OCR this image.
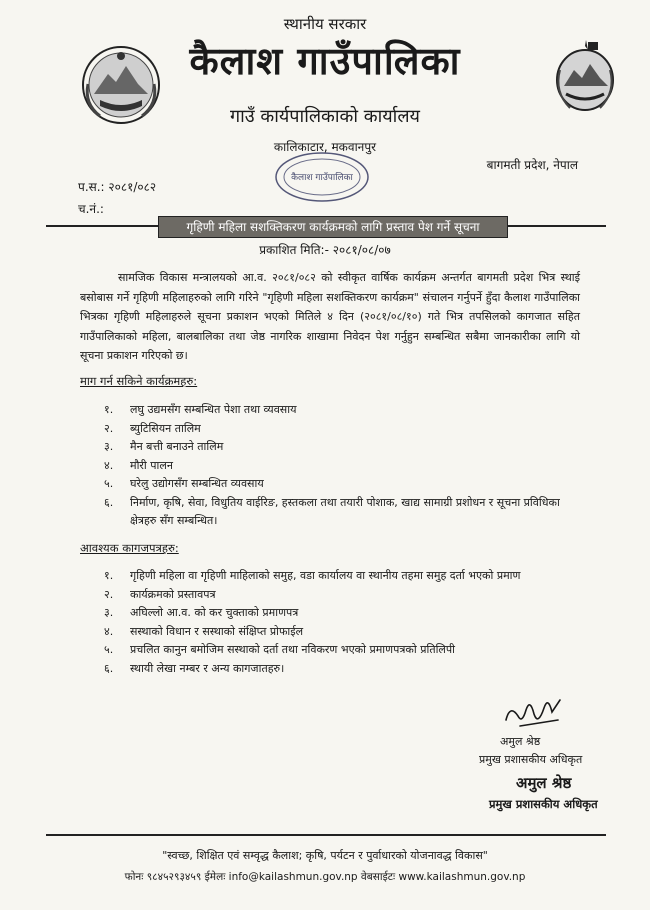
स्थानीय सरकार
कैलाश गाउँपालिका
गाउँ कार्यपालिकाको कार्यालय
कालिकाटार, मकवानपुर
बागमती प्रदेश, नेपाल
कैलाश गाउँपालिका
प.स.: २०८१/०८२
च.नं.:
गृहिणी महिला सशक्तिकरण कार्यक्रमको लागि प्रस्ताव पेश गर्ने सूचना
प्रकाशित मिति:- २०८१/०८/०७

सामजिक विकास मन्त्रालयको आ.व. २०८१/०८२ को स्वीकृत वार्षिक कार्यक्रम अन्तर्गत बागमती प्रदेश भित्र स्थाई बसोबास गर्ने गृहिणी महिलाहरुको लागि गरिने "गृहिणी महिला सशक्तिकरण कार्यक्रम" संचालन गर्नुपर्ने हुँदा कैलाश गाउँपालिका भित्रका गृहिणी महिलाहरुले सूचना प्रकाशन भएको मितिले ४ दिन (२०८१/०८/१०) गते भित्र तपसिलको कागजात सहित गाउँपालिकाको महिला, बालबालिका तथा जेष्ठ नागरिक शाखामा निवेदन पेश गर्नुहुन सम्बन्धित सबैमा जानकारीका लागि यो सूचना प्रकाशन गरिएको छ।

माग गर्न सकिने कार्यक्रमहरु:
१. लघु उद्यमसँग सम्बन्धित पेशा तथा व्यवसाय
२. ब्युटिसियन तालिम
३. मैन बत्ती बनाउने तालिम
४. मौरी पालन
५. घरेलु उद्योगसँग सम्बन्धित व्यवसाय
६. निर्माण, कृषि, सेवा, विधुतिय वाईरिङ, हस्तकला तथा तयारी पोशाक, खाद्य सामाग्री प्रशोधन र सूचना प्रविधिका क्षेत्रहरु सँग सम्बन्धित।
आवश्यक कागजपत्रहरु:
१. गृहिणी महिला वा गृहिणी माहिलाको समुह, वडा कार्यालय वा स्थानीय तहमा समुह दर्ता भएको प्रमाण
२. कार्यक्रमको प्रस्तावपत्र
३. अघिल्लो आ.व. को कर चुक्ताको प्रमाणपत्र
४. सस्थाको विधान र सस्थाको संक्षिप्त प्रोफाईल
५. प्रचलित कानुन बमोजिम सस्थाको दर्ता तथा नविकरण भएको प्रमाणपत्रको प्रतिलिपी
६. स्थायी लेखा नम्बर र अन्य कागजातहरु।
अमुल श्रेष्ठ
प्रमुख प्रशासकीय अधिकृत
अमुल श्रेष्ठ
प्रमुख प्रशासकीय अधिकृत
"स्वच्छ, शिक्षित एवं सम्वृद्ध कैलाश; कृषि, पर्यटन र पुर्वाधारको योजनावद्ध विकास"
फोनः ९८४५२९३४५९ ईमेलः info@kailashmun.gov.np वेबसाईटः www.kailashmun.gov.np
